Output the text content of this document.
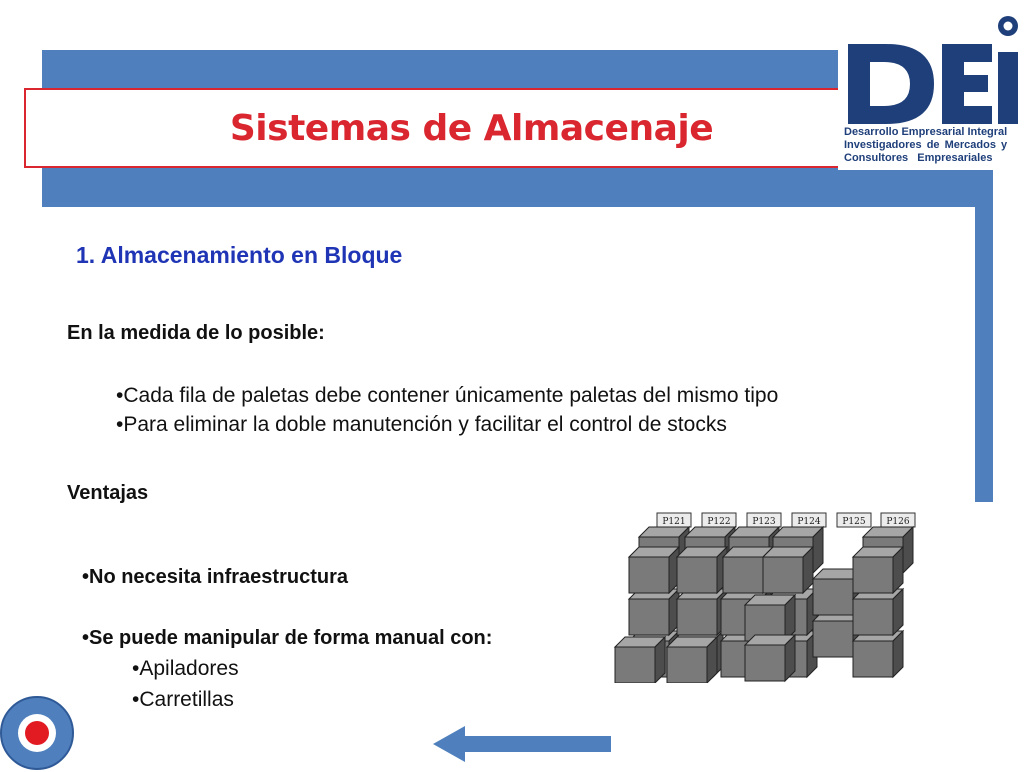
Sistemas de Almacenaje	Desarrollo Empresarial Integral
Investigadores de Mercados y
Consultores Empresariales
1. Almacenamiento en Bloque
En la medida de lo posible:
•Cada fila de paletas debe contener únicamente paletas del mismo tipo
•Para eliminar la doble manutención y facilitar el control de stocks
Ventajas
•No necesita infraestructura
•Se puede manipular de forma manual con:
•Apiladores
•Carretillas
P121 P122 P123 P124 P125 P126
